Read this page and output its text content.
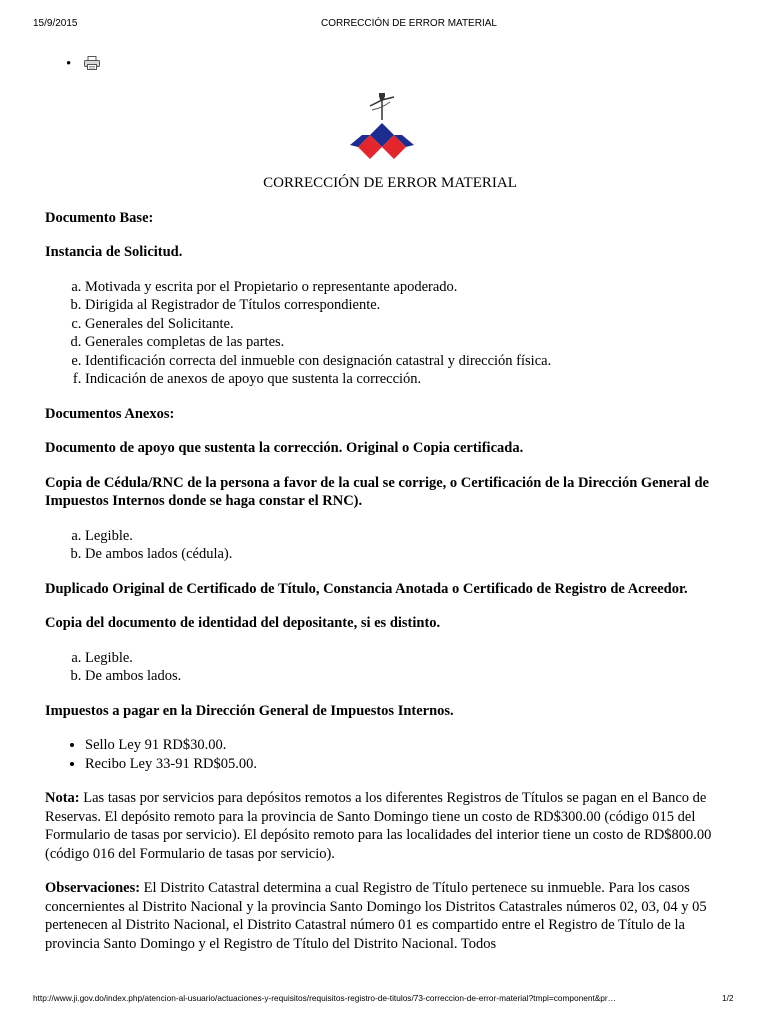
15/9/2015	CORRECCIÓN DE ERROR MATERIAL
•

CORRECCIÓN DE ERROR MATERIAL

Documento Base:

Instancia de Solicitud.

a. Motivada y escrita por el Propietario o representante apoderado.
b. Dirigida al Registrador de Títulos correspondiente.
c. Generales del Solicitante.
d. Generales completas de las partes.
e. Identificación correcta del inmueble con designación catastral y dirección física.
f. Indicación de anexos de apoyo que sustenta la corrección.

Documentos Anexos:

Documento de apoyo que sustenta la corrección. Original o Copia certificada.

Copia de Cédula/RNC de la persona a favor de la cual se corrige, o Certificación de la Dirección General de Impuestos Internos donde se haga constar el RNC).

a. Legible.
b. De ambos lados (cédula).

Duplicado Original de Certificado de Título, Constancia Anotada o Certificado de Registro de Acreedor.

Copia del documento de identidad del depositante, si es distinto.

a. Legible.
b. De ambos lados.

Impuestos a pagar en la Dirección General de Impuestos Internos.

• Sello Ley 91 RD$30.00.
• Recibo Ley 33-91 RD$05.00.

Nota: Las tasas por servicios para depósitos remotos a los diferentes Registros de Títulos se pagan en el Banco de Reservas. El depósito remoto para la provincia de Santo Domingo tiene un costo de RD$300.00 (código 015 del Formulario de tasas por servicio). El depósito remoto para las localidades del interior tiene un costo de RD$800.00 (código 016 del Formulario de tasas por servicio).

Observaciones: El Distrito Catastral determina a cual Registro de Título pertenece su inmueble. Para los casos concernientes al Distrito Nacional y la provincia Santo Domingo los Distritos Catastrales números 02, 03, 04 y 05 pertenecen al Distrito Nacional, el Distrito Catastral número 01 es compartido entre el Registro de Título de la provincia Santo Domingo y el Registro de Título del Distrito Nacional. Todos

http://www.ji.gov.do/index.php/atencion-al-usuario/actuaciones-y-requisitos/requisitos-registro-de-titulos/73-correccion-de-error-material?tmpl=component&pr…	1/2
